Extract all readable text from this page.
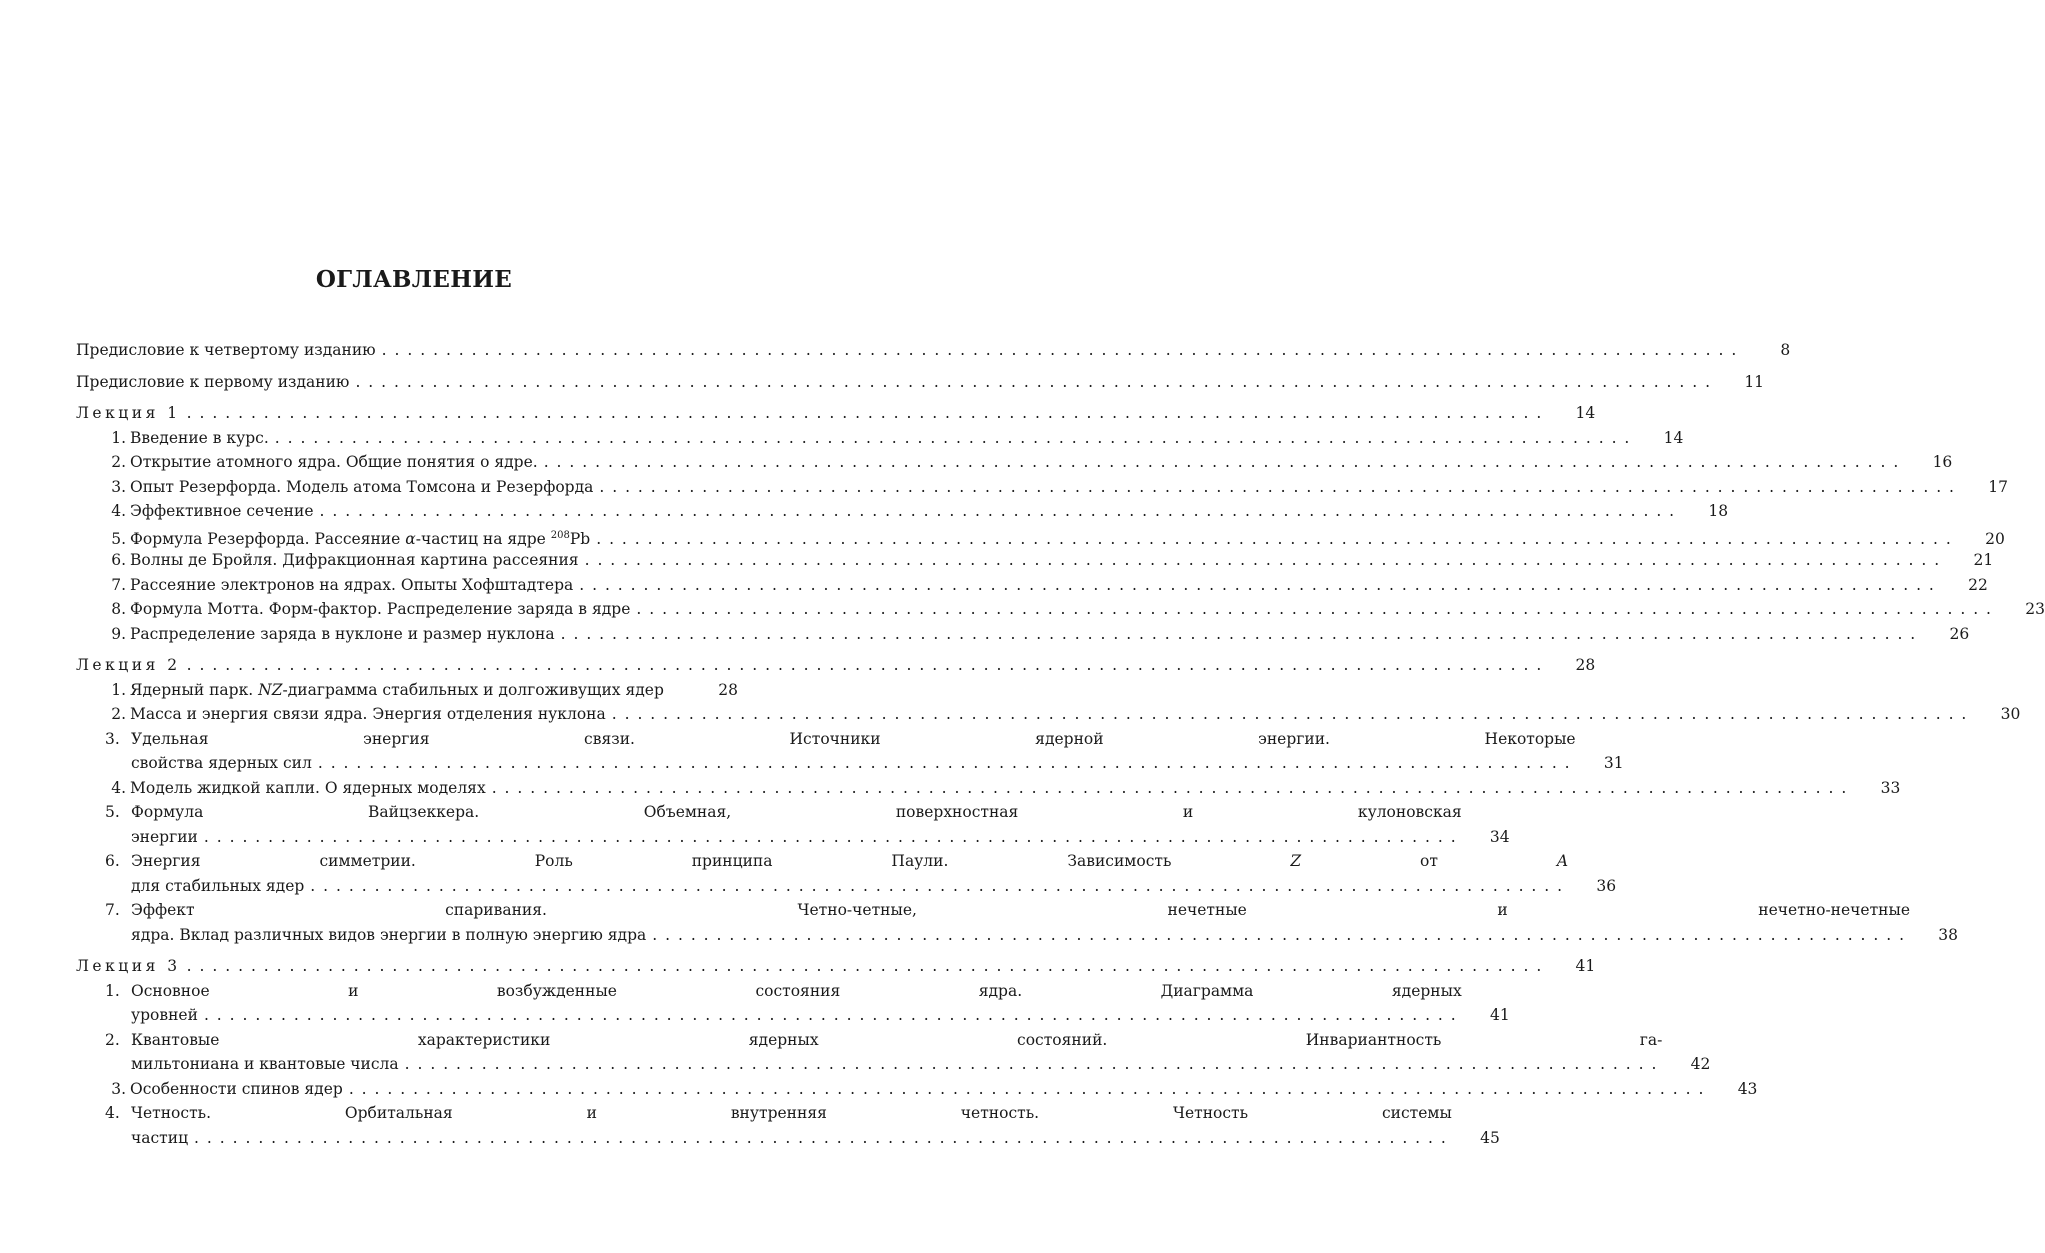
ОГЛАВЛЕНИЕ
Предисловие к четвертому изданию . . .	8
Предисловие к первому изданию . . .	11
Лекция 1 . . .	14
1. Введение в курс. . . .	14
2. Открытие атомного ядра. Общие понятия о ядре. . . .	16
3. Опыт Резерфорда. Модель атома Томсона и Резерфорда . . .	17
4. Эффективное сечение . . .	18
5. Формула Резерфорда. Рассеяние α-частиц на ядре $^{208}$Pb . . .	20
6. Волны де Бройля. Дифракционная картина рассеяния . . .	21
7. Рассеяние электронов на ядрах. Опыты Хофштадтера . . .	22
8. Формула Мотта. Форм-фактор. Распределение заряда в ядре . . .	23
9. Распределение заряда в нуклоне и размер нуклона . . .	26
Лекция 2 . . .	28
1. Ядерный парк. NZ-диаграмма стабильных и долгоживущих ядер	28
2. Масса и энергия связи ядра. Энергия отделения нуклона . . .	30
3. Удельная энергия связи. Источники ядерной энергии. Некоторые
свойства ядерных сил . . .	31
4. Модель жидкой капли. О ядерных моделях . . .	33
5. Формула Вайцзеккера. Объемная, поверхностная и кулоновская
энергии . . .	34
6. Энергия симметрии. Роль принципа Паули. Зависимость Z от A
для стабильных ядер . . .	36
7. Эффект спаривания. Четно-четные, нечетные и нечетно-нечетные
ядра. Вклад различных видов энергии в полную энергию ядра . . .	38
Лекция 3 . . .	41
1. Основное и возбужденные состояния ядра. Диаграмма ядерных
уровней . . .	41
2. Квантовые характеристики ядерных состояний. Инвариантность га-
мильтониана и квантовые числа . . .	42
3. Особенности спинов ядер . . .	43
4. Четность. Орбитальная и внутренняя четность. Четность системы
частиц . . .	45
